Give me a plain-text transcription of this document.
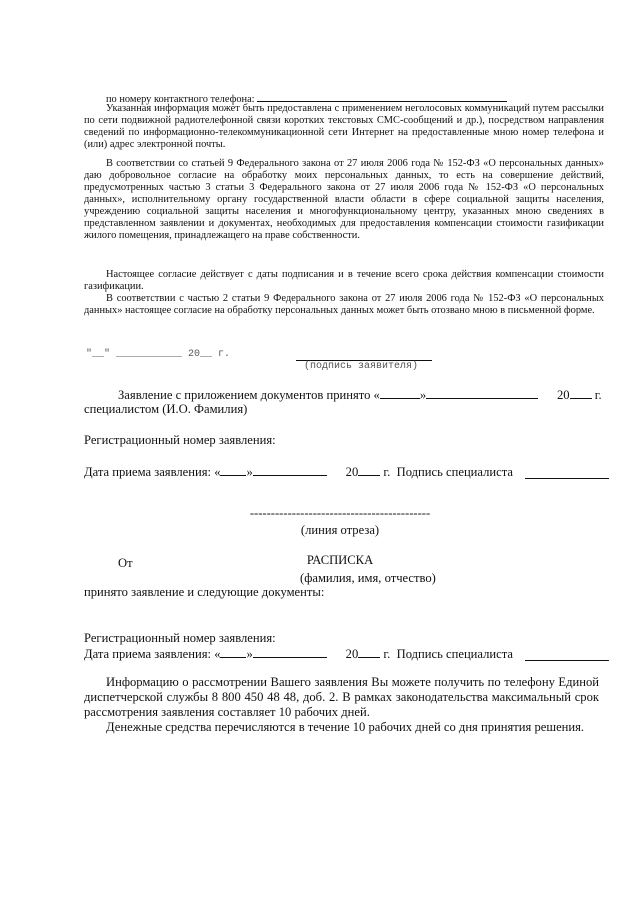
по номеру контактного телефона:

Указанная информация может быть предоставлена с применением неголосовых коммуникаций путем рассылки по сети подвижной радиотелефонной связи коротких текстовых СМС-сообщений и др.), посредством направления сведений по информационно-телекоммуникационной сети Интернет на предоставленные мною номер телефона и (или) адрес электронной почты.

В соответствии со статьей 9 Федерального закона от 27 июля 2006 года № 152-ФЗ «О персональных данных» даю добровольное согласие на обработку моих персональных данных, то есть на совершение действий, предусмотренных частью 3 статьи 3 Федерального закона от 27 июля 2006 года № 152-ФЗ «О персональных данных», исполнительному органу государственной власти области в сфере социальной защиты населения, учреждению социальной защиты населения и многофункциональному центру, указанных мною сведениях в представленном заявлении и документах, необходимых для предоставления компенсации стоимости газификации жилого помещения, принадлежащего на праве собственности.

Настоящее согласие действует с даты подписания и в течение всего срока действия компенсации стоимости газификации.

В соответствии с частью 2 статьи 9 Федерального закона от 27 июля 2006 года № 152-ФЗ «О персональных данных» настоящее согласие на обработку персональных данных может быть отозвано мною в письменной форме.

"__" ___________ 20__ г.

(подпись заявителя)

Заявление с приложением документов принято «	»	20 г.

специалистом (И.О. Фамилия)

Регистрационный номер заявления:

Дата приема заявления: « »	20 г. Подпись специалиста

-------------------------------------------

(линия отреза)

РАСПИСКА

От

(фамилия, имя, отчество)

принято заявление и следующие документы:

Регистрационный номер заявления:

Дата приема заявления: « »	20 г. Подпись специалиста

Информацию о рассмотрении Вашего заявления Вы можете получить по телефону Единой диспетчерской службы 8 800 450 48 48, доб. 2. В рамках законодательства максимальный срок рассмотрения заявления составляет 10 рабочих дней.

Денежные средства перечисляются в течение 10 рабочих дней со дня принятия решения.
